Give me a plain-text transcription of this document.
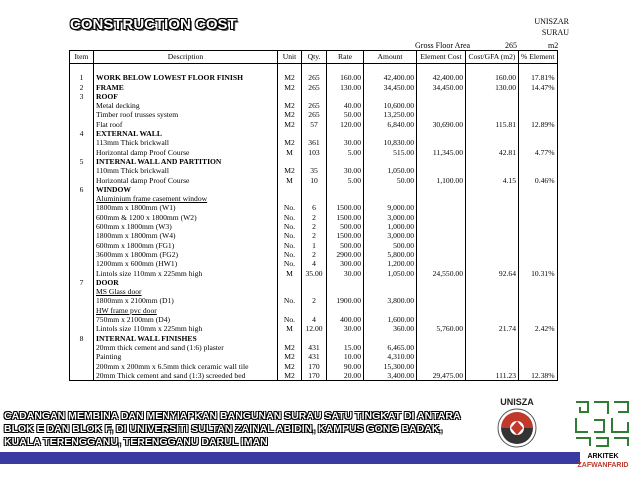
CONSTRUCTION COST	UNISZAR
SURAU
Gross Floor Area	265	m2
Item	Description	Unit	Qty.	Rate	Amount	Element Cost	Cost/GFA (m2)	% Element

1	WORK BELOW LOWEST FLOOR FINISH	M2	265	160.00	42,400.00	42,400.00	160.00	17.81%
2	FRAME	M2	265	130.00	34,450.00	34,450.00	130.00	14.47%
3	ROOF							
	Metal decking	M2	265	40.00	10,600.00			
	Timber roof trusses system	M2	265	50.00	13,250.00			
	Flat roof	M2	57	120.00	6,840.00	30,690.00	115.81	12.89%
4	EXTERNAL WALL							
	113mm Thick brickwall	M2	361	30.00	10,830.00			
	Horizontal damp Proof Course	M	103	5.00	515.00	11,345.00	42.81	4.77%
5	INTERNAL WALL AND PARTITION							
	110mm Thick brickwall	M2	35	30.00	1,050.00			
	Horizontal damp Proof Course	M	10	5.00	50.00	1,100.00	4.15	0.46%
6	WINDOW							
	Aluminium frame casement window							
	1800mm x 1800mm (W1)	No.	6	1500.00	9,000.00			
	600mm & 1200 x 1800mm (W2)	No.	2	1500.00	3,000.00			
	600mm x 1800mm (W3)	No.	2	500.00	1,000.00			
	1800mm x 1800mm (W4)	No.	2	1500.00	3,000.00			
	600mm x 1800mm (FG1)	No.	1	500.00	500.00			
	3600mm x 1800mm (FG2)	No.	2	2900.00	5,800.00			
	1200mm x 600mm (HW1)	No.	4	300.00	1,200.00			
	Lintols size 110mm x 225mm high	M	35.00	30.00	1,050.00	24,550.00	92.64	10.31%
7	DOOR							
	MS Glass door							
	1800mm x 2100mm (D1)	No.	2	1900.00	3,800.00			
	HW frame pvc door							
	750mm x 2100mm (D4)	No.	4	400.00	1,600.00			
	Lintols size 110mm x 225mm high	M	12.00	30.00	360.00	5,760.00	21.74	2.42%
8	INTERNAL WALL FINISHES							
	20mm thick cement and sand (1:6) plaster	M2	431	15.00	6,465.00			
	Painting	M2	431	10.00	4,310.00			
	200mm x 200mm x 6.5mm thick ceramic wall tile	M2	170	90.00	15,300.00			
	20mm Thick cement and sand (1:3) screeded bed	M2	170	20.00	3,400.00	29,475.00	111.23	12.38%
CADANGAN MEMBINA DAN MENYIAPKAN BANGUNAN SURAU SATU TINGKAT DI ANTARA BLOK E DAN BLOK F, DI UNIVERSITI SULTAN ZAINAL ABIDIN, KAMPUS GONG BADAK, KUALA TERENGGANU, TERENGGANU DARUL IMAN
UNISZA
ARKITEK
ZAFWANFARID
